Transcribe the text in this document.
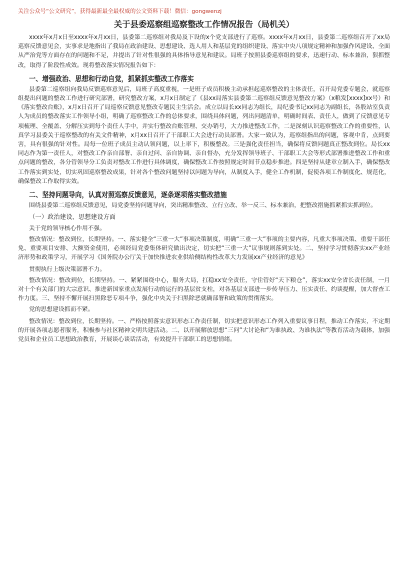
关注公众号“公文研究”，获得最新最全最权威的公文资料下载！微信：gongwenzj
关于县委巡察组巡察整改工作情况报告（局机关）
xxxx年x月x日至xxxx年x月xx日，县委第二巡察组对我局及下设的x个党支部进行了巡察。xxxx年x月xx日，县委第二巡察组召开了xx局巡察反馈意见会，实事求是地指出了我局在政治建设、思想建设、选人用人和基层党的组织建设、落实中央八项规定精神和加强作风建设、全面从严治党等方面存在的问题和不足，并提出了针对性很强的具体指导意见和建议。局班子按照县委巡察组的要求，迅速行动、标本兼治，狠抓整改，取得了阶段性成效。现将整改落实情况报告如下：
一、增强政治、思想和行动自觉，抓紧抓实整改工作落实
县委第二巡察组向我局反馈巡察意见后，局班子高度重视，一是班子成员积极主动承担起巡察整改的主体责任，召开局党委专题会，就巡察组提出问题的整改工作进行研究部署，研究整改方案，x月x日制定了《县xx局落实县委第二巡察组反馈意见整改方案》（x粮发[xxxx]xx号）和《落实整改台账》，x月x日召开了局巡察反馈意见整改专题民主生活会。成立以局长xx同志为组长，局纪委书记xx同志为副组长，各股站室负责人为成员的整改落实工作领导小组，明确了巡察整改工作的总体要求，围绕具体问题，列出问题清单，明确时间表、责任人，做到了反馈意见专项梳理、全覆盖、分解压实到每个责任人手中，并实行整改台账管理、交办销号，大力推进整改工作，二是深刻认识巡察整改工作的重要性，认真学习县委关于巡察整改的有关文件精神，x月xx日召开了干部职工大会进行动员部署。大家一致认为，巡察组指出的问题，客观中肯，点到要害，具有很强的针对性。局每一位班子成员主动认领问题，以上率下，积极整改。三是强化责任担当，确保将反馈问题真正整改到位。局长xx同志作为第一责任人，对整改工作亲自部署、亲自过问、亲自协调、亲自督办，充分发挥领导班子、干部职工大会等形式部署推进整改工作和重点问题的整改，各分管领导分工负责对整改工作进行具体调度，确保整改工作按照规定时间节点稳步推进。四是坚持从建章立制入手，确保整改工作落实到实处，切实巩固巡察整改成果，针对各个整改问题坚持以问题为导向，从制度入手，健全工作机制，促使各项工作制度化、规范化，确保整改工作取得实效。
二、坚持问题导向，认真对照巡察反馈意见，逐条逐项落实整改措施
围绕县委第二巡察组反馈意见，局党委坚持问题导向，突出精准整改、立行立改、举一反三、标本兼治，把整改措施抓紧抓实抓到位。
（一）政治建设、思想建设方面
关于党的领导核心作用不强。
整改情况：整改到位，长期坚持。一、落实健全“三重一大”事项决策制度，明确“三重一大”事项的主要内容，凡重大事项决策、重要干部任免、重要项目安排、大额资金使用，必须经局党委集体研究做出决定，切实把“三重一大”议事规则落到实处。二、坚持学习贯彻落实xx产业经济形势和政策学习，开展学习《国务院办公厅关于加快推进农业供给侧结构性改革大力发展xx产业经济的意见》
贯彻执行上级决策部署不力。
整改情况：整改到位，长期坚持。一、紧紧围绕中心，服务大局，扛稳xx安全责任，守住管好“天下粮仓”，落实xx安全省长责任制，一月对十个有关部门的大宗意识、推进新国家重点发展行动的运行的基层贫支柱，对各基层支部进一步传导压力、压实责任、约谈提醒，加大督查工作力度。三、坚持不懈开展扫黑除恶专项斗争，强化中央关于扫黑除恶就确部署和政策的贯彻落实。
党的思想建设抓而不紧。
整改情况：整改到位，长期坚持。一、严格按照落实意识形态工作责任制，切实把意识形态工作列入重要议事日程，推动工作落实，不定期的开展各项志愿者服务，积极参与社区精神文明共建活动。二、以开展解放思想“三问”大讨论和“为谁执政、为谁执法”等教育活动为载体，加强党员和企业员工思想政治教育，开展谈心谈话活动，有效提升干部职工的思想情绪。
